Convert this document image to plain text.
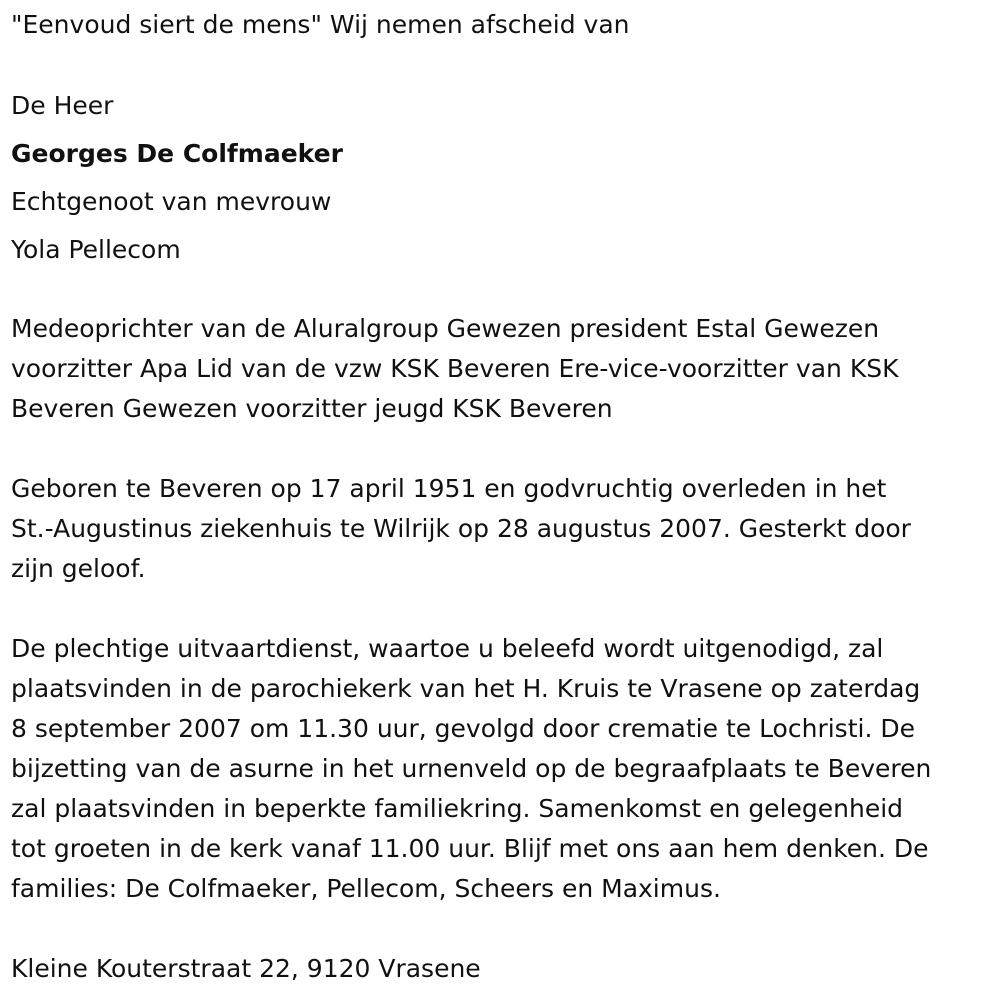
"Eenvoud siert de mens" Wij nemen afscheid van
De Heer
Georges De Colfmaeker
Echtgenoot van mevrouw
Yola Pellecom
Medeoprichter van de Aluralgroup Gewezen president Estal Gewezen
voorzitter Apa Lid van de vzw KSK Beveren Ere-vice-voorzitter van KSK
Beveren Gewezen voorzitter jeugd KSK Beveren
Geboren te Beveren op 17 april 1951 en godvruchtig overleden in het
St.-Augustinus ziekenhuis te Wilrijk op 28 augustus 2007. Gesterkt door
zijn geloof.
De plechtige uitvaartdienst, waartoe u beleefd wordt uitgenodigd, zal
plaatsvinden in de parochiekerk van het H. Kruis te Vrasene op zaterdag
8 september 2007 om 11.30 uur, gevolgd door crematie te Lochristi. De
bijzetting van de asurne in het urnenveld op de begraafplaats te Beveren
zal plaatsvinden in beperkte familiekring. Samenkomst en gelegenheid
tot groeten in de kerk vanaf 11.00 uur. Blijf met ons aan hem denken. De
families: De Colfmaeker, Pellecom, Scheers en Maximus.
Kleine Kouterstraat 22, 9120 Vrasene
